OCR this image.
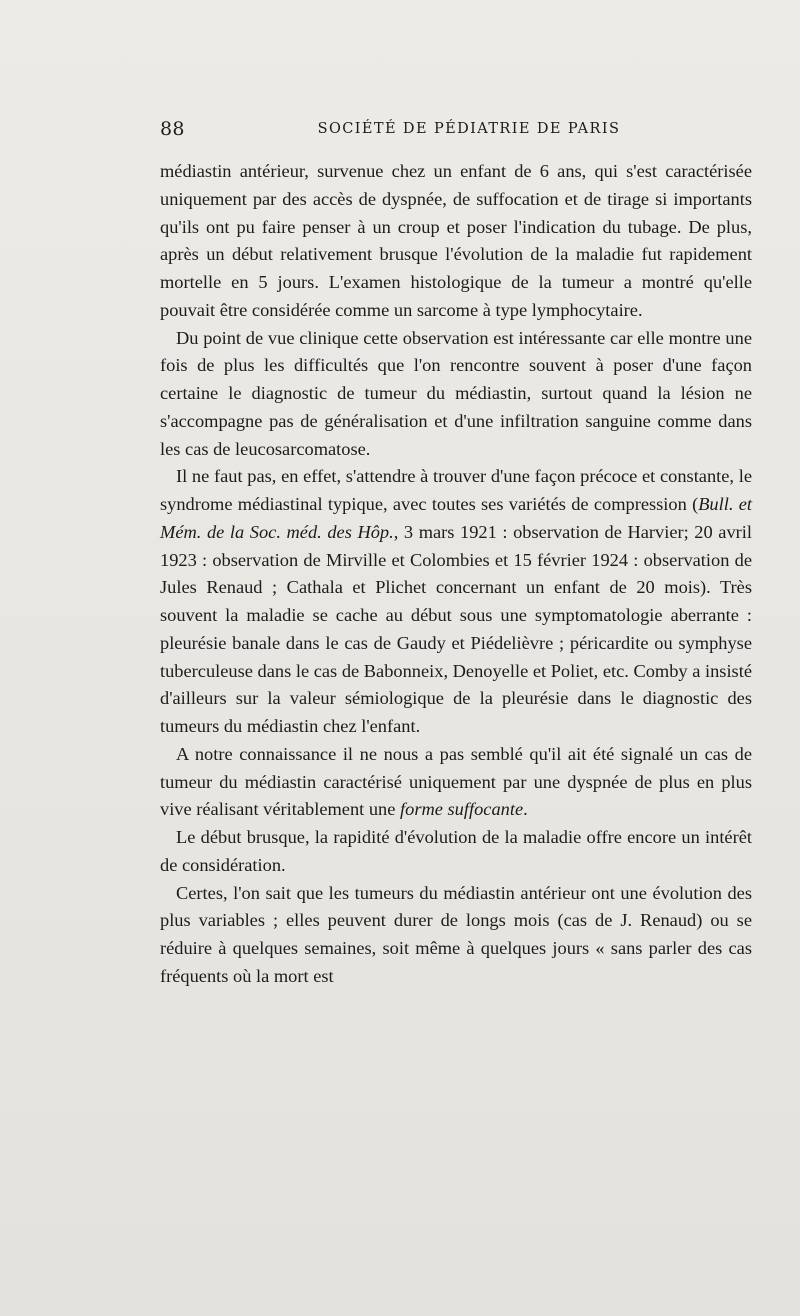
88	SOCIÉTÉ DE PÉDIATRIE DE PARIS

médiastin antérieur, survenue chez un enfant de 6 ans, qui s'est caractérisée uniquement par des accès de dyspnée, de suffocation et de tirage si importants qu'ils ont pu faire penser à un croup et poser l'indication du tubage. De plus, après un début relativement brusque l'évolution de la maladie fut rapidement mortelle en 5 jours. L'examen histologique de la tumeur a montré qu'elle pouvait être considérée comme un sarcome à type lymphocytaire.

Du point de vue clinique cette observation est intéressante car elle montre une fois de plus les difficultés que l'on rencontre souvent à poser d'une façon certaine le diagnostic de tumeur du médiastin, surtout quand la lésion ne s'accompagne pas de généralisation et d'une infiltration sanguine comme dans les cas de leucosarcomatose.

Il ne faut pas, en effet, s'attendre à trouver d'une façon précoce et constante, le syndrome médiastinal typique, avec toutes ses variétés de compression (Bull. et Mém. de la Soc. méd. des Hôp., 3 mars 1921 : observation de Harvier; 20 avril 1923 : observation de Mirville et Colombies et 15 février 1924 : observation de Jules Renaud ; Cathala et Plichet concernant un enfant de 20 mois). Très souvent la maladie se cache au début sous une symptomatologie aberrante : pleurésie banale dans le cas de Gaudy et Piédelièvre ; péricardite ou symphyse tuberculeuse dans le cas de Babonneix, Denoyelle et Poliet, etc. Comby a insisté d'ailleurs sur la valeur sémiologique de la pleurésie dans le diagnostic des tumeurs du médiastin chez l'enfant.

A notre connaissance il ne nous a pas semblé qu'il ait été signalé un cas de tumeur du médiastin caractérisé uniquement par une dyspnée de plus en plus vive réalisant véritablement une forme suffocante.

Le début brusque, la rapidité d'évolution de la maladie offre encore un intérêt de considération.

Certes, l'on sait que les tumeurs du médiastin antérieur ont une évolution des plus variables ; elles peuvent durer de longs mois (cas de J. Renaud) ou se réduire à quelques semaines, soit même à quelques jours « sans parler des cas fréquents où la mort est
